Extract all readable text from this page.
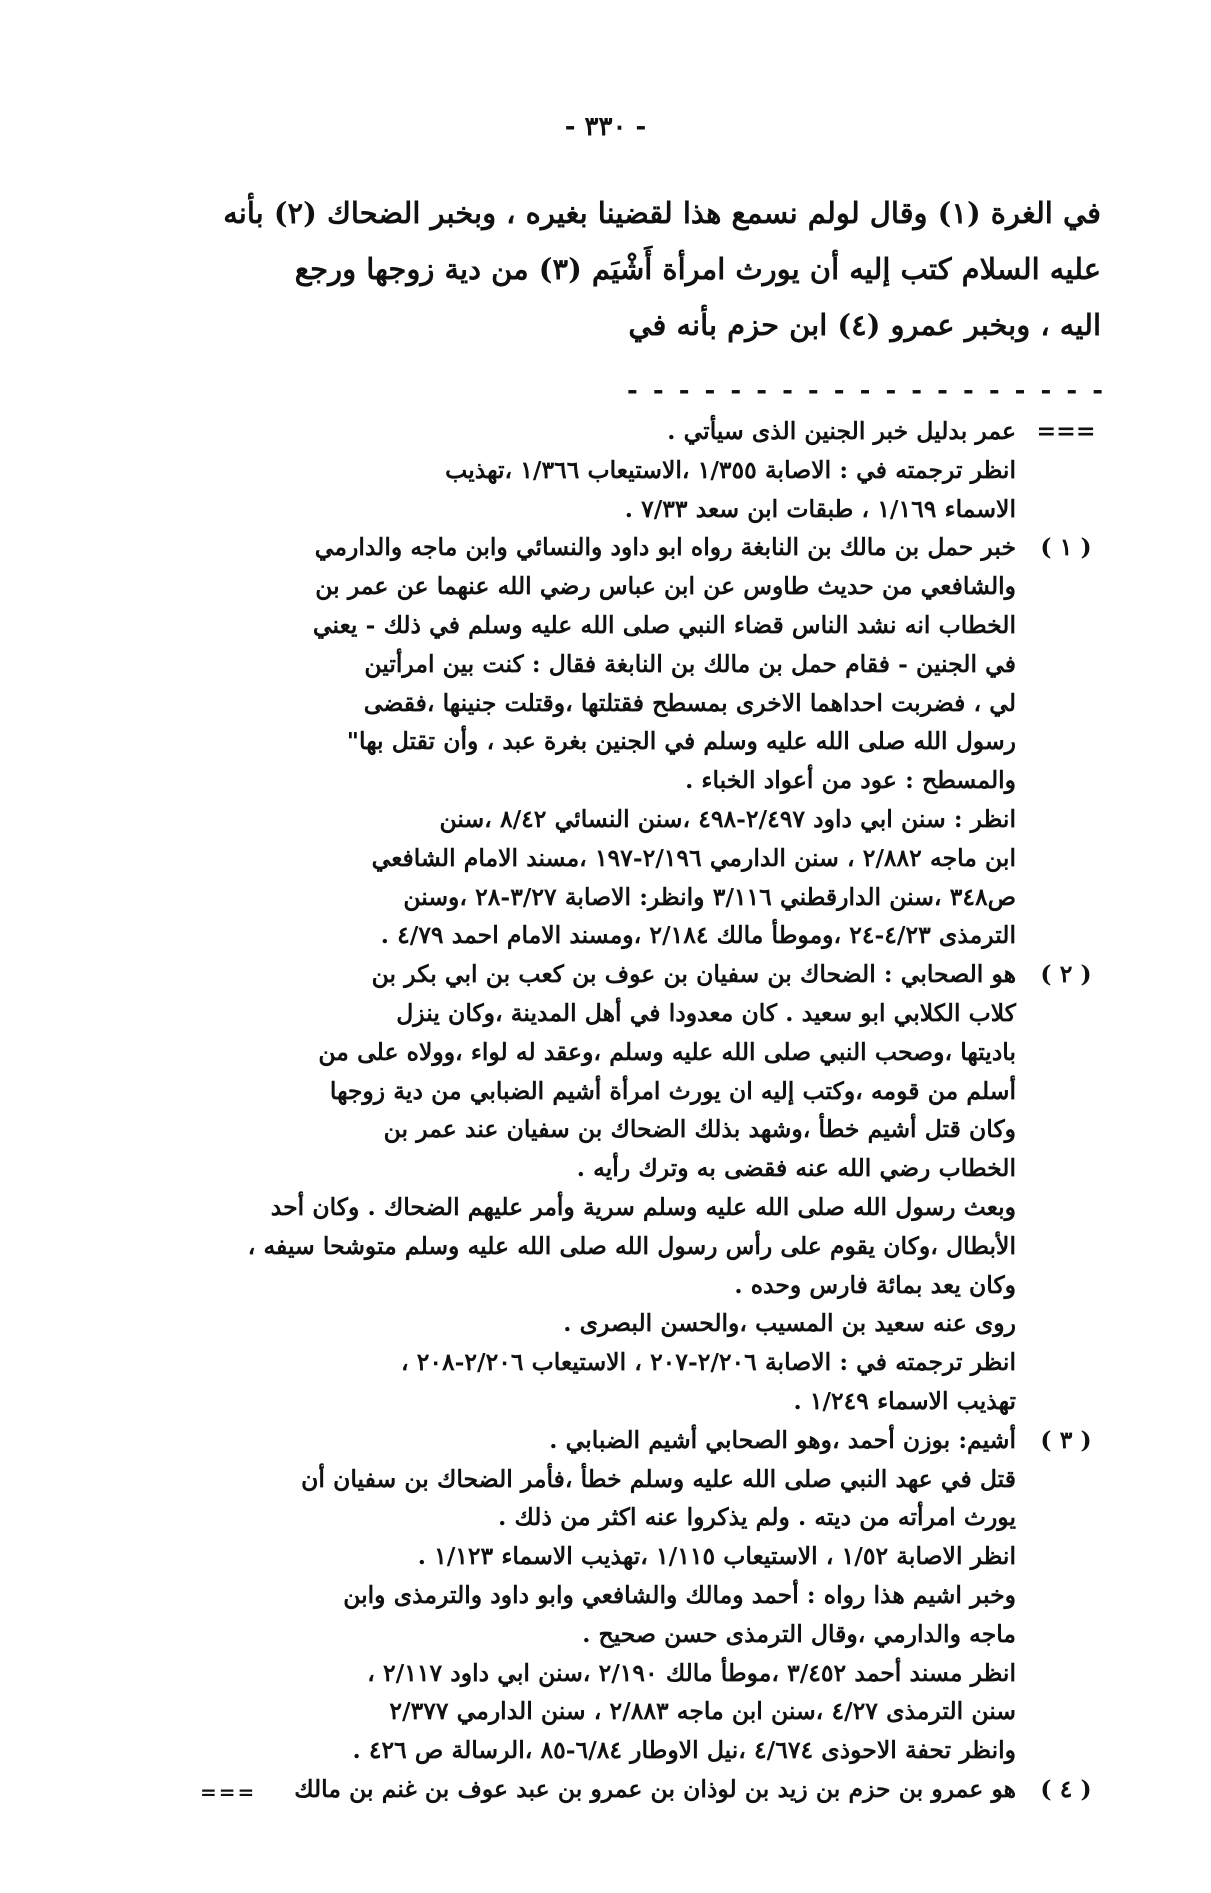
- ٣٣٠ -
في الغرة (١) وقال لولم نسمع هذا لقضينا بغيره ، وبخبر الضحاك (٢) بأنه
عليه السلام كتب إليه أن يورث امرأة أَشْيَم (٣) من دية زوجها ورجع
اليه ، وبخبر عمرو (٤) ابن حزم بأنه في
- - - - - - - - - - - - - - - - - - -
===
عمر بدليل خبر الجنين الذى سيأتي .
انظر ترجمته في : الاصابة ١/٣٥٥ ،الاستيعاب ١/٣٦٦ ،تهذيب
الاسماء ١/١٦٩ ، طبقات ابن سعد ٧/٣٣ .
( ١ )
خبر حمل بن مالك بن النابغة رواه ابو داود والنسائي وابن ماجه والدارمي
والشافعي من حديث طاوس عن ابن عباس رضي الله عنهما عن عمر بن
الخطاب انه نشد الناس قضاء النبي صلى الله عليه وسلم في ذلك - يعني
في الجنين - فقام حمل بن مالك بن النابغة فقال : كنت بين امرأتين
لي ، فضربت احداهما الاخرى بمسطح فقتلتها ،وقتلت جنينها ،فقضى
رسول الله صلى الله عليه وسلم في الجنين بغرة عبد ، وأن تقتل بها"
والمسطح : عود من أعواد الخباء .
انظر : سنن ابي داود ٢/٤٩٧-٤٩٨ ،سنن النسائي ٨/٤٢ ،سنن
ابن ماجه ٢/٨٨٢ ، سنن الدارمي ٢/١٩٦-١٩٧ ،مسند الامام الشافعي
ص٣٤٨ ،سنن الدارقطني ٣/١١٦ وانظر: الاصابة ٣/٢٧-٢٨ ،وسنن
الترمذى ٤/٢٣-٢٤ ،وموطأ مالك ٢/١٨٤ ،ومسند الامام احمد ٤/٧٩ .
( ٢ )
هو الصحابي : الضحاك بن سفيان بن عوف بن كعب بن ابي بكر بن
كلاب الكلابي ابو سعيد . كان معدودا في أهل المدينة ،وكان ينزل
باديتها ،وصحب النبي صلى الله عليه وسلم ،وعقد له لواء ،وولاه على من
أسلم من قومه ،وكتب إليه ان يورث امرأة أشيم الضبابي من دية زوجها
وكان قتل أشيم خطأ ،وشهد بذلك الضحاك بن سفيان عند عمر بن
الخطاب رضي الله عنه فقضى به وترك رأيه .
وبعث رسول الله صلى الله عليه وسلم سرية وأمر عليهم الضحاك . وكان أحد
الأبطال ،وكان يقوم على رأس رسول الله صلى الله عليه وسلم متوشحا سيفه ،
وكان يعد بمائة فارس وحده .
روى عنه سعيد بن المسيب ،والحسن البصرى .
انظر ترجمته في : الاصابة ٢/٢٠٦-٢٠٧ ، الاستيعاب ٢/٢٠٦-٢٠٨ ،
تهذيب الاسماء ١/٢٤٩ .
( ٣ )
أشيم: بوزن أحمد ،وهو الصحابي أشيم الضبابي .
قتل في عهد النبي صلى الله عليه وسلم خطأ ،فأمر الضحاك بن سفيان أن
يورث امرأته من ديته . ولم يذكروا عنه اكثر من ذلك .
انظر الاصابة ١/٥٢ ، الاستيعاب ١/١١٥ ،تهذيب الاسماء ١/١٢٣ .
وخبر اشيم هذا رواه : أحمد ومالك والشافعي وابو داود والترمذى وابن
ماجه والدارمي ،وقال الترمذى حسن صحيح .
انظر مسند أحمد ٣/٤٥٢ ،موطأ مالك ٢/١٩٠ ،سنن ابي داود ٢/١١٧ ،
سنن الترمذى ٤/٢٧ ،سنن ابن ماجه ٢/٨٨٣ ، سنن الدارمي ٢/٣٧٧
وانظر تحفة الاحوذى ٤/٦٧٤ ،نيل الاوطار ٦/٨٤-٨٥ ،الرسالة ص ٤٢٦ .
( ٤ )
هو عمرو بن حزم بن زيد بن لوذان بن عمرو بن عبد عوف بن غنم بن مالك
===
